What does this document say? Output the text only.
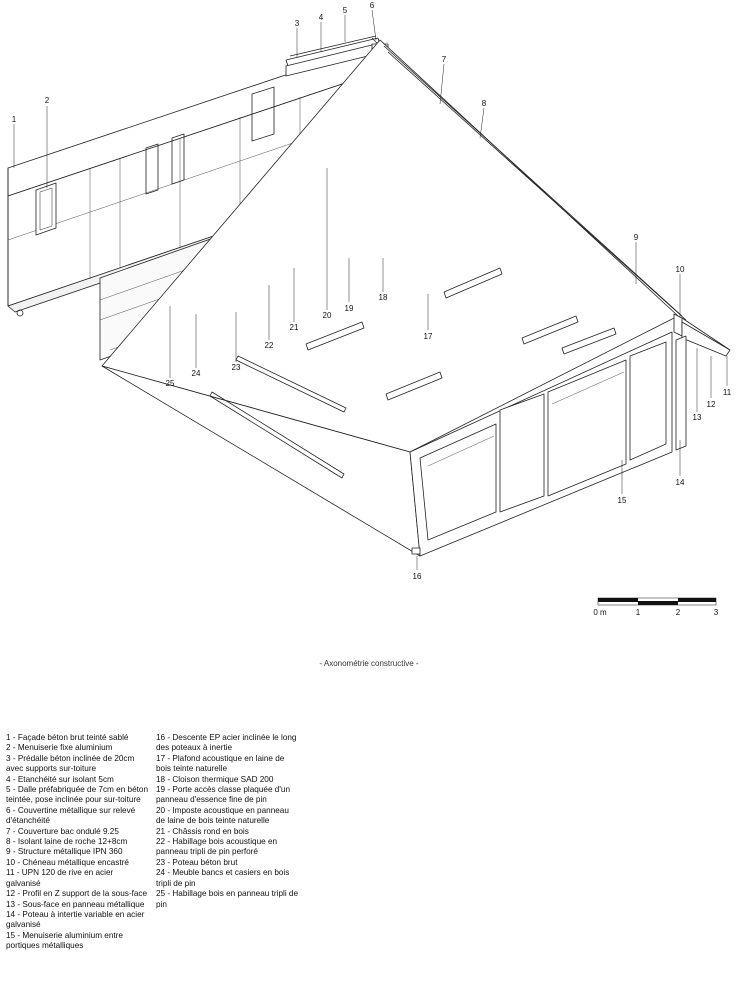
1
2
3
4
5
6
7
8
9
10
11
12
13
14
15
16
17
18
19
20
21
22
23
24
25
0 m	1	2	3
- Axonométrie constructive -

1 - Façade béton brut teinté sablé

2 - Menuiserie fixe aluminium

3 - Prédalle béton inclinée de 20cm avec supports sur-toiture

4 - Etanchéité sur isolant 5cm

5 - Dalle préfabriquée de 7cm en béton teintée, pose inclinée pour sur-toiture

6 - Couvertine métallique sur relevé d'étanchéité

7 - Couverture bac ondulé 9.25

8 - Isolant laine de roche 12+8cm

9 - Structure métallique IPN 360

10 - Chéneau métallique encastré

11 - UPN 120 de rive en acier galvanisé

12 - Profil en Z support de la sous-face

13 - Sous-face en panneau métallique

14 - Poteau à intertie variable en acier galvanisé

15 - Menuiserie aluminium entre portiques métalliques

16 - Descente EP acier inclinée le long des poteaux à inertie

17 - Plafond acoustique en laine de bois teinte naturelle

18 - Cloison thermique SAD 200

19 - Porte accès classe plaquée d'un panneau d'essence fine de pin

20 - Imposte acoustique en panneau de laine de bois teinte naturelle

21 - Châssis rond en bois

22 - Habillage bois acoustique en panneau tripli de pin perforé

23 - Poteau béton brut

24 - Meuble bancs et casiers en bois tripli de pin

25 - Habillage bois en panneau tripli de pin
